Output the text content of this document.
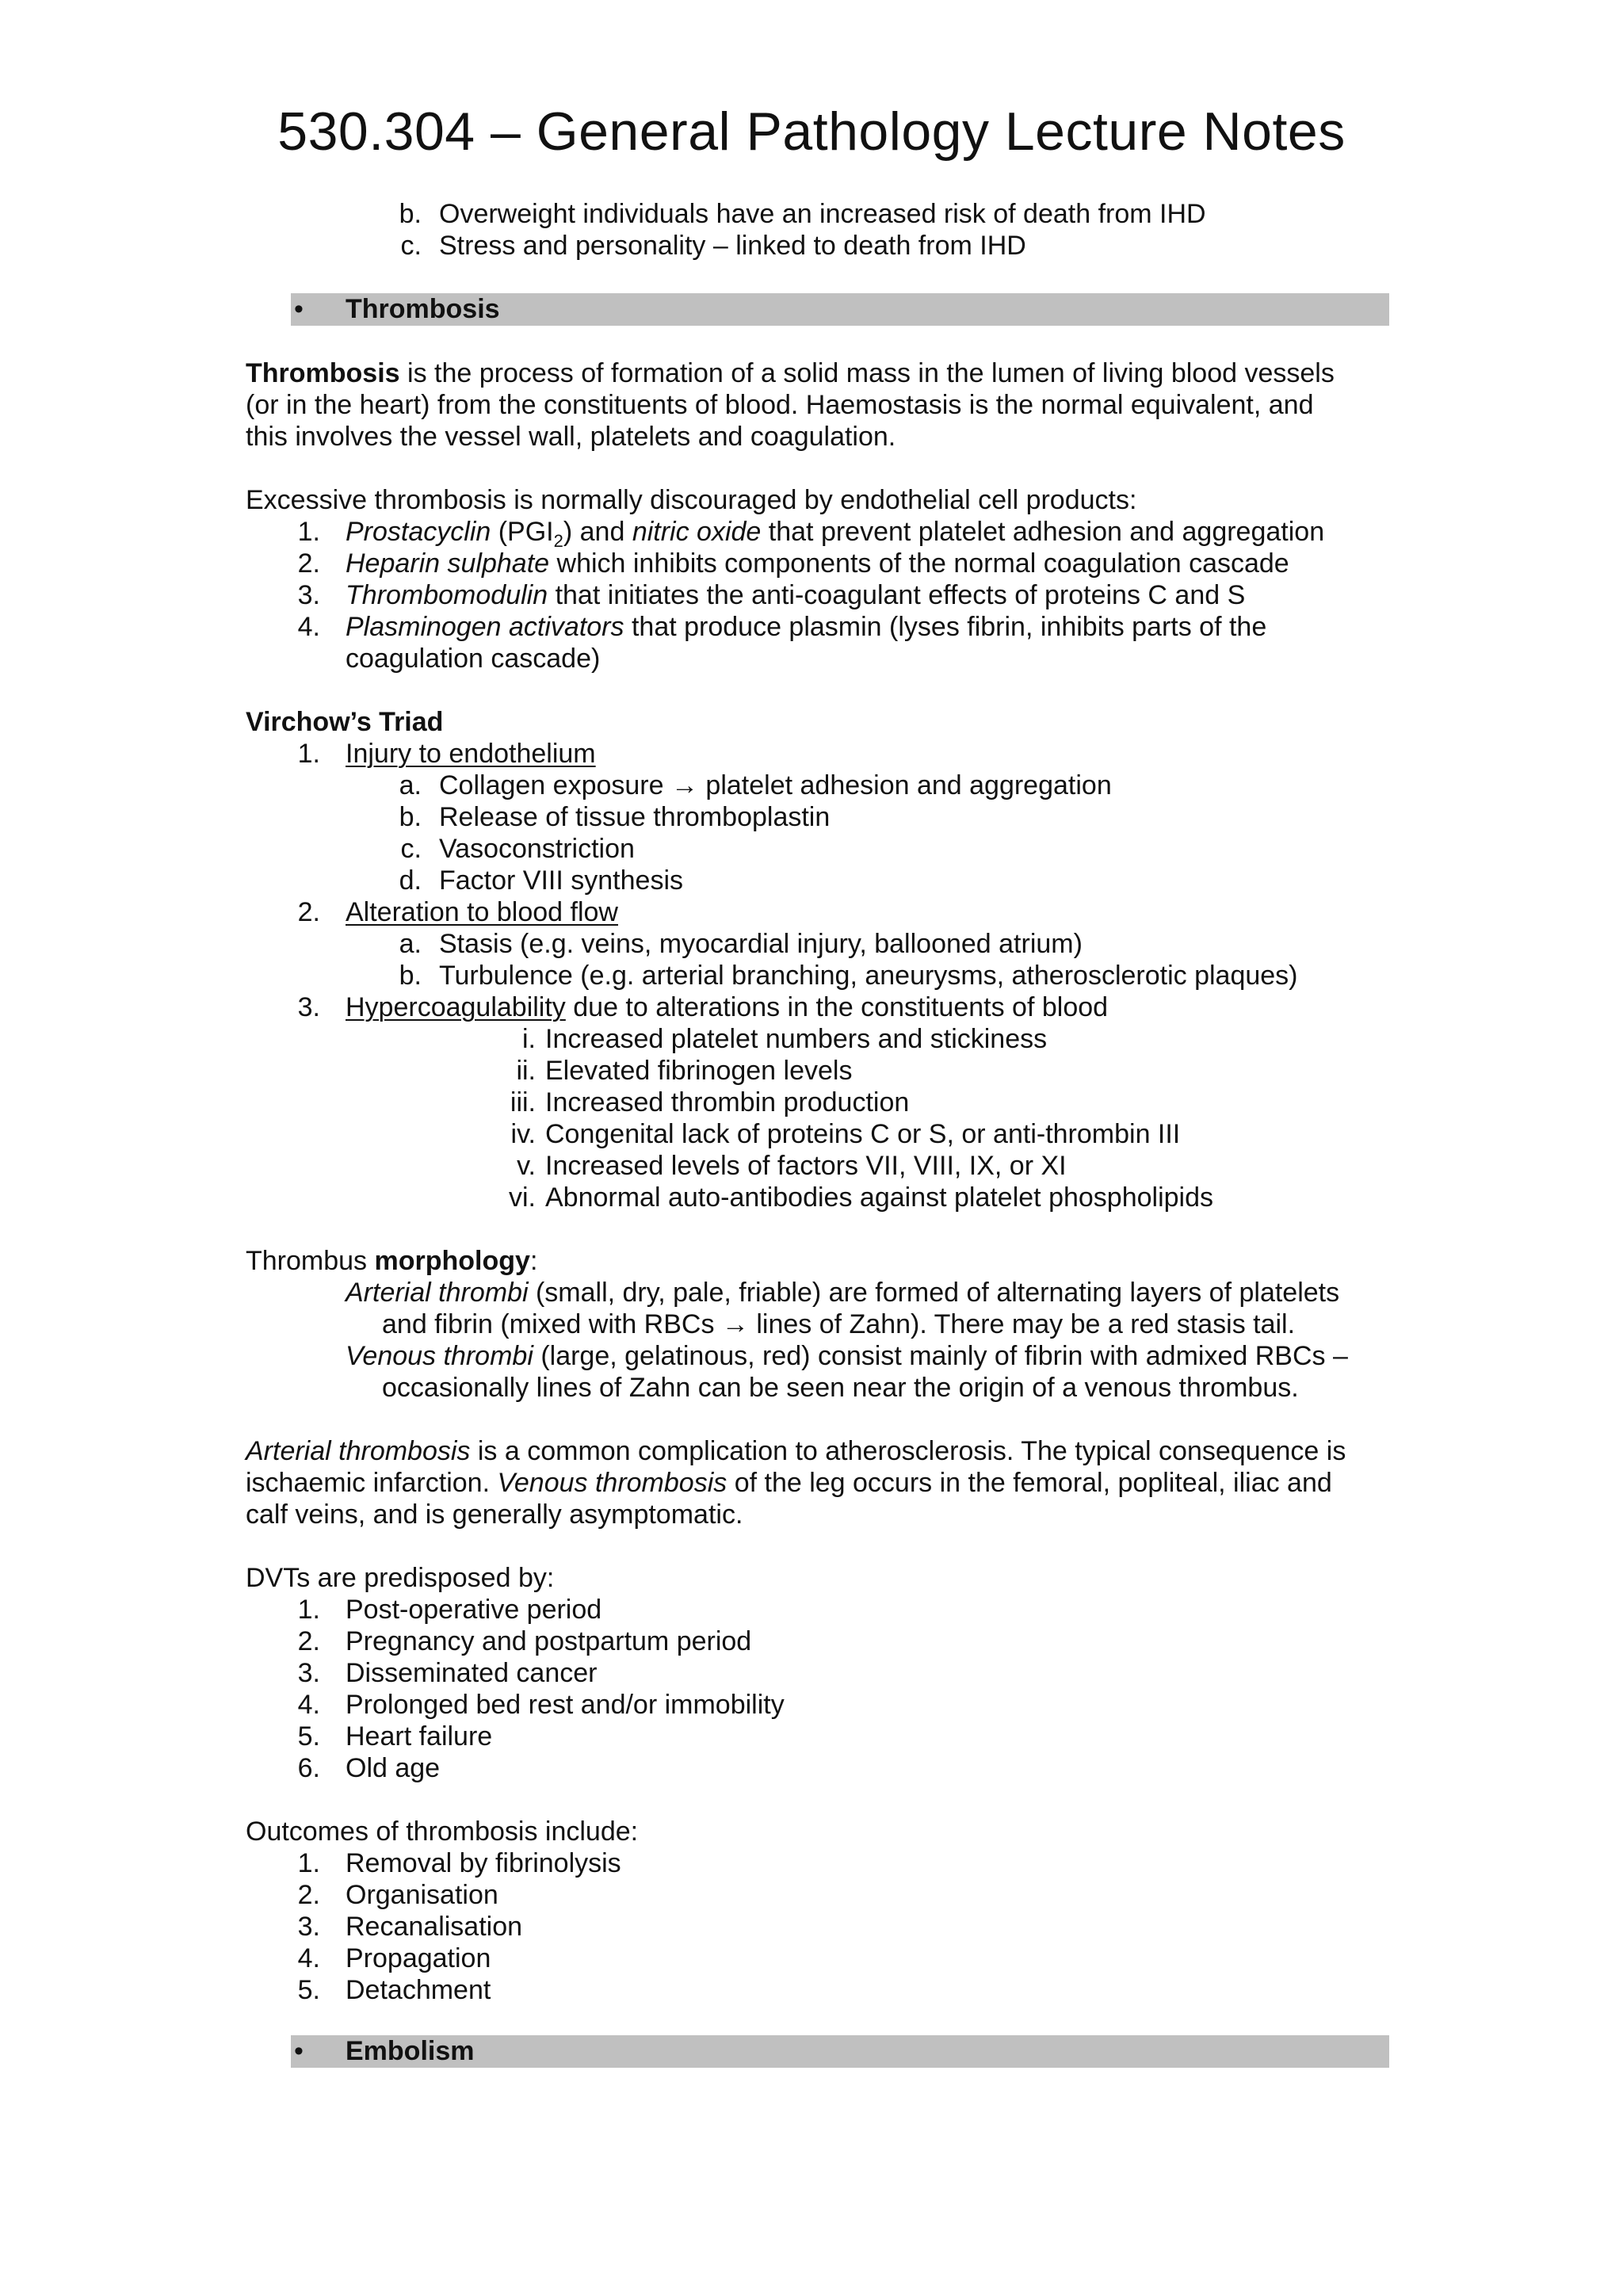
530.304 – General Pathology Lecture Notes
b. Overweight individuals have an increased risk of death from IHD
c. Stress and personality – linked to death from IHD
• Thrombosis
Thrombosis is the process of formation of a solid mass in the lumen of living blood vessels
(or in the heart) from the constituents of blood. Haemostasis is the normal equivalent, and
this involves the vessel wall, platelets and coagulation.
Excessive thrombosis is normally discouraged by endothelial cell products:
1. Prostacyclin $(PGI_2)$ and nitric oxide that prevent platelet adhesion and aggregation
2. Heparin sulphate which inhibits components of the normal coagulation cascade
3. Thrombomodulin that initiates the anti-coagulant effects of proteins C and S
4. Plasminogen activators that produce plasmin (lyses fibrin, inhibits parts of the
coagulation cascade)
Virchow’s Triad
1. Injury to endothelium
a. Collagen exposure → platelet adhesion and aggregation
b. Release of tissue thromboplastin
c. Vasoconstriction
d. Factor VIII synthesis
2. Alteration to blood flow
a. Stasis (e.g. veins, myocardial injury, ballooned atrium)
b. Turbulence (e.g. arterial branching, aneurysms, atherosclerotic plaques)
3. Hypercoagulability due to alterations in the constituents of blood
i. Increased platelet numbers and stickiness
ii. Elevated fibrinogen levels
iii. Increased thrombin production
iv. Congenital lack of proteins C or S, or anti-thrombin III
v. Increased levels of factors VII, VIII, IX, or XI
vi. Abnormal auto-antibodies against platelet phospholipids
Thrombus morphology:
Arterial thrombi (small, dry, pale, friable) are formed of alternating layers of platelets
and fibrin (mixed with RBCs → lines of Zahn). There may be a red stasis tail.
Venous thrombi (large, gelatinous, red) consist mainly of fibrin with admixed RBCs –
occasionally lines of Zahn can be seen near the origin of a venous thrombus.
Arterial thrombosis is a common complication to atherosclerosis. The typical consequence is
ischaemic infarction. Venous thrombosis of the leg occurs in the femoral, popliteal, iliac and
calf veins, and is generally asymptomatic.
DVTs are predisposed by:
1. Post-operative period
2. Pregnancy and postpartum period
3. Disseminated cancer
4. Prolonged bed rest and/or immobility
5. Heart failure
6. Old age
Outcomes of thrombosis include:
1. Removal by fibrinolysis
2. Organisation
3. Recanalisation
4. Propagation
5. Detachment
• Embolism
